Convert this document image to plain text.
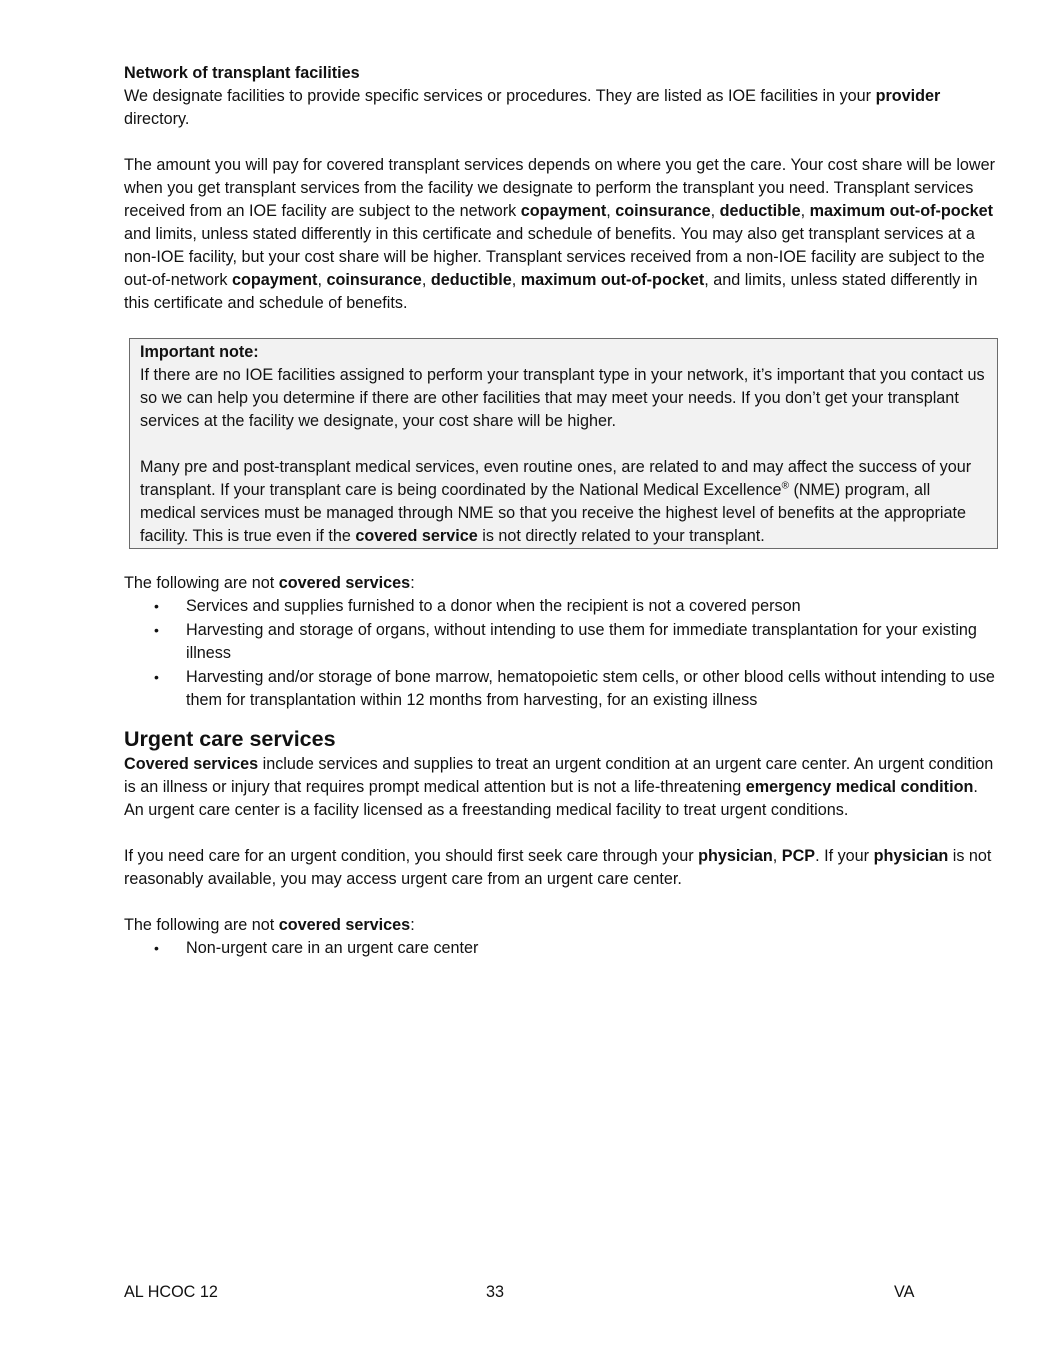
Network of transplant facilities

We designate facilities to provide specific services or procedures. They are listed as IOE facilities in your provider directory.

The amount you will pay for covered transplant services depends on where you get the care. Your cost share will be lower when you get transplant services from the facility we designate to perform the transplant you need. Transplant services received from an IOE facility are subject to the network copayment, coinsurance, deductible, maximum out-of-pocket and limits, unless stated differently in this certificate and schedule of benefits. You may also get transplant services at a non-IOE facility, but your cost share will be higher. Transplant services received from a non-IOE facility are subject to the out-of-network copayment, coinsurance, deductible, maximum out-of-pocket, and limits, unless stated differently in this certificate and schedule of benefits.

Important note:

If there are no IOE facilities assigned to perform your transplant type in your network, it’s important that you contact us so we can help you determine if there are other facilities that may meet your needs. If you don’t get your transplant services at the facility we designate, your cost share will be higher.

Many pre and post-transplant medical services, even routine ones, are related to and may affect the success of your transplant. If your transplant care is being coordinated by the National Medical Excellence® (NME) program, all medical services must be managed through NME so that you receive the highest level of benefits at the appropriate facility. This is true even if the covered service is not directly related to your transplant.

The following are not covered services:

• Services and supplies furnished to a donor when the recipient is not a covered person
• Harvesting and storage of organs, without intending to use them for immediate transplantation for your existing illness
• Harvesting and/or storage of bone marrow, hematopoietic stem cells, or other blood cells without intending to use them for transplantation within 12 months from harvesting, for an existing illness
Urgent care services

Covered services include services and supplies to treat an urgent condition at an urgent care center. An urgent condition is an illness or injury that requires prompt medical attention but is not a life-threatening emergency medical condition. An urgent care center is a facility licensed as a freestanding medical facility to treat urgent conditions.

If you need care for an urgent condition, you should first seek care through your physician, PCP. If your physician is not reasonably available, you may access urgent care from an urgent care center.

The following are not covered services:

• Non-urgent care in an urgent care center
AL HCOC 12	33	VA
